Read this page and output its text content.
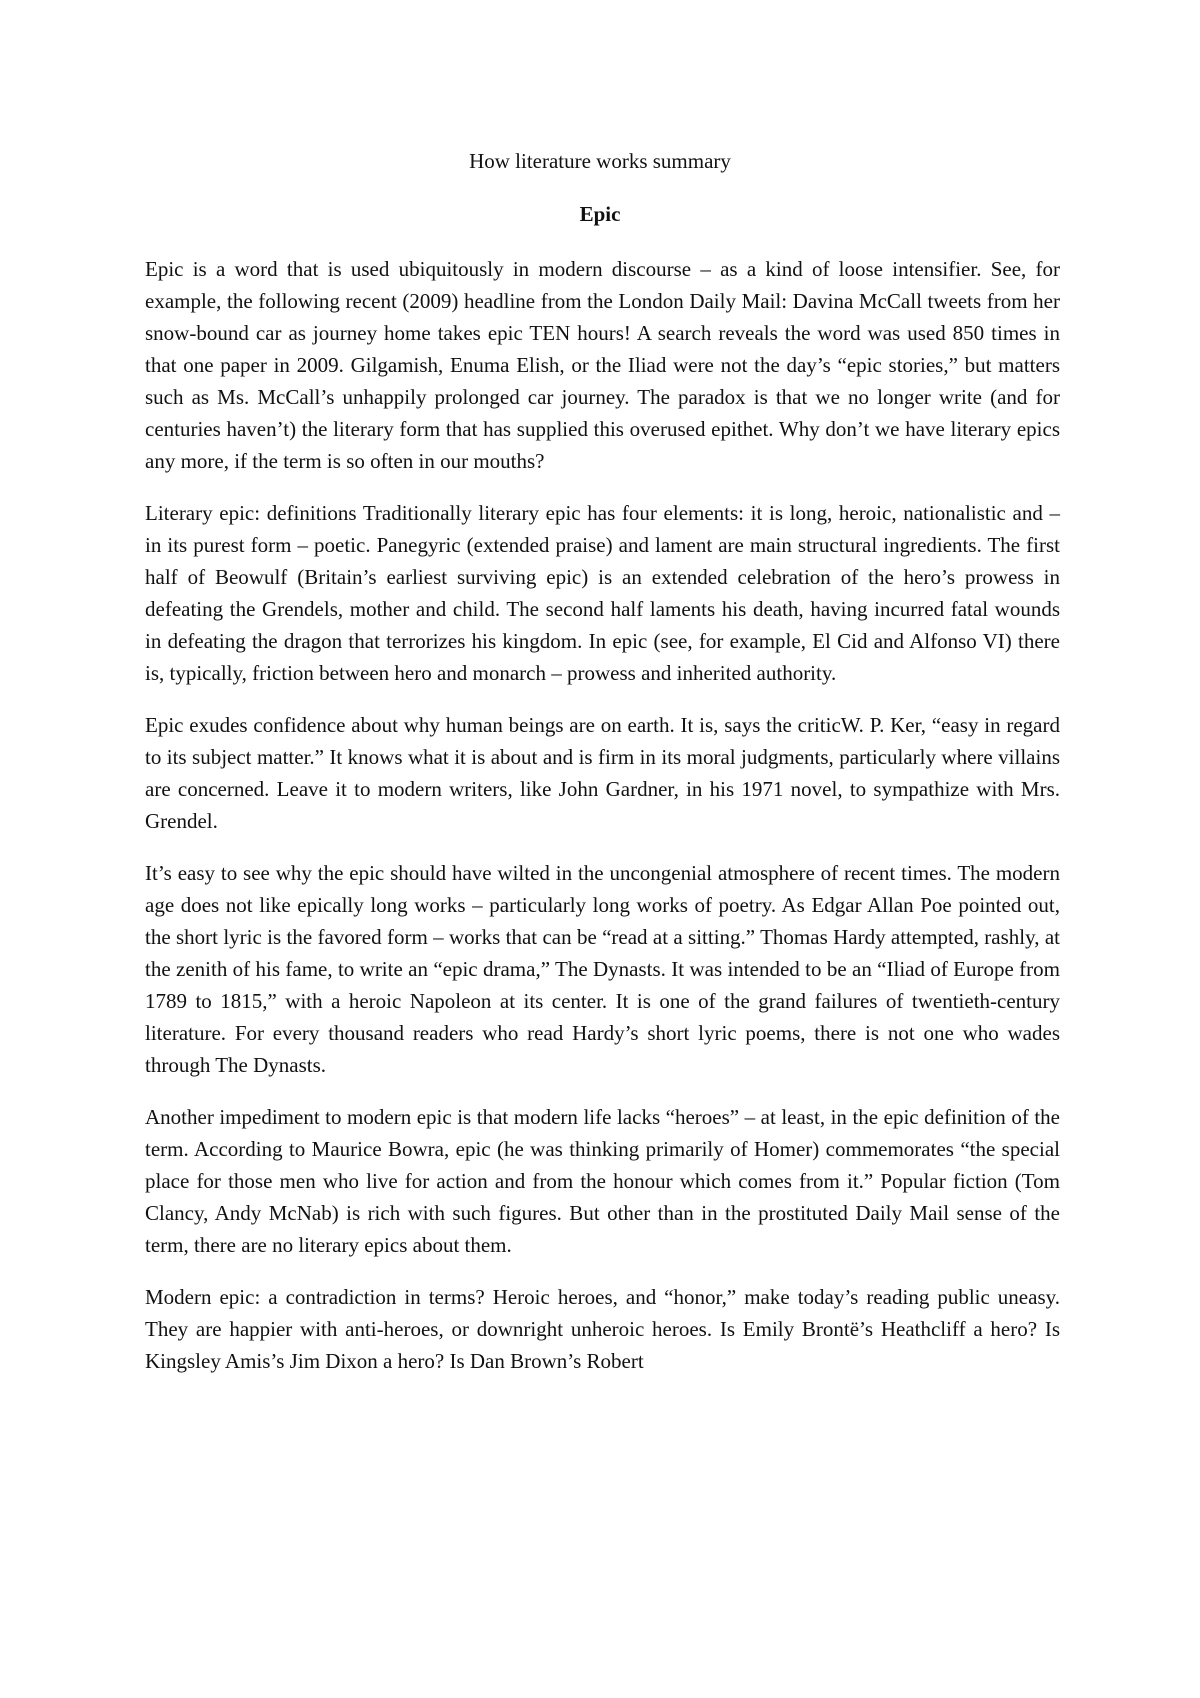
How literature works summary
Epic

Epic is a word that is used ubiquitously in modern discourse – as a kind of loose intensifier. See, for example, the following recent (2009) headline from the London Daily Mail: Davina McCall tweets from her snow-bound car as journey home takes epic TEN hours! A search reveals the word was used 850 times in that one paper in 2009. Gilgamish, Enuma Elish, or the Iliad were not the day’s “epic stories,” but matters such as Ms. McCall’s unhappily prolonged car journey. The paradox is that we no longer write (and for centuries haven’t) the literary form that has supplied this overused epithet. Why don’t we have literary epics any more, if the term is so often in our mouths?

Literary epic: definitions Traditionally literary epic has four elements: it is long, heroic, nationalistic and – in its purest form – poetic. Panegyric (extended praise) and lament are main structural ingredients. The first half of Beowulf (Britain’s earliest surviving epic) is an extended celebration of the hero’s prowess in defeating the Grendels, mother and child. The second half laments his death, having incurred fatal wounds in defeating the dragon that terrorizes his kingdom. In epic (see, for example, El Cid and Alfonso VI) there is, typically, friction between hero and monarch – prowess and inherited authority.

Epic exudes confidence about why human beings are on earth. It is, says the criticW. P. Ker, “easy in regard to its subject matter.” It knows what it is about and is firm in its moral judgments, particularly where villains are concerned. Leave it to modern writers, like John Gardner, in his 1971 novel, to sympathize with Mrs. Grendel.

It’s easy to see why the epic should have wilted in the uncongenial atmosphere of recent times. The modern age does not like epically long works – particularly long works of poetry. As Edgar Allan Poe pointed out, the short lyric is the favored form – works that can be “read at a sitting.” Thomas Hardy attempted, rashly, at the zenith of his fame, to write an “epic drama,” The Dynasts. It was intended to be an “Iliad of Europe from 1789 to 1815,” with a heroic Napoleon at its center. It is one of the grand failures of twentieth-century literature. For every thousand readers who read Hardy’s short lyric poems, there is not one who wades through The Dynasts.

Another impediment to modern epic is that modern life lacks “heroes” – at least, in the epic definition of the term. According to Maurice Bowra, epic (he was thinking primarily of Homer) commemorates “the special place for those men who live for action and from the honour which comes from it.” Popular fiction (Tom Clancy, Andy McNab) is rich with such figures. But other than in the prostituted Daily Mail sense of the term, there are no literary epics about them.

Modern epic: a contradiction in terms? Heroic heroes, and “honor,” make today’s reading public uneasy. They are happier with anti-heroes, or downright unheroic heroes. Is Emily Brontë’s Heathcliff a hero? Is Kingsley Amis’s Jim Dixon a hero? Is Dan Brown’s Robert
